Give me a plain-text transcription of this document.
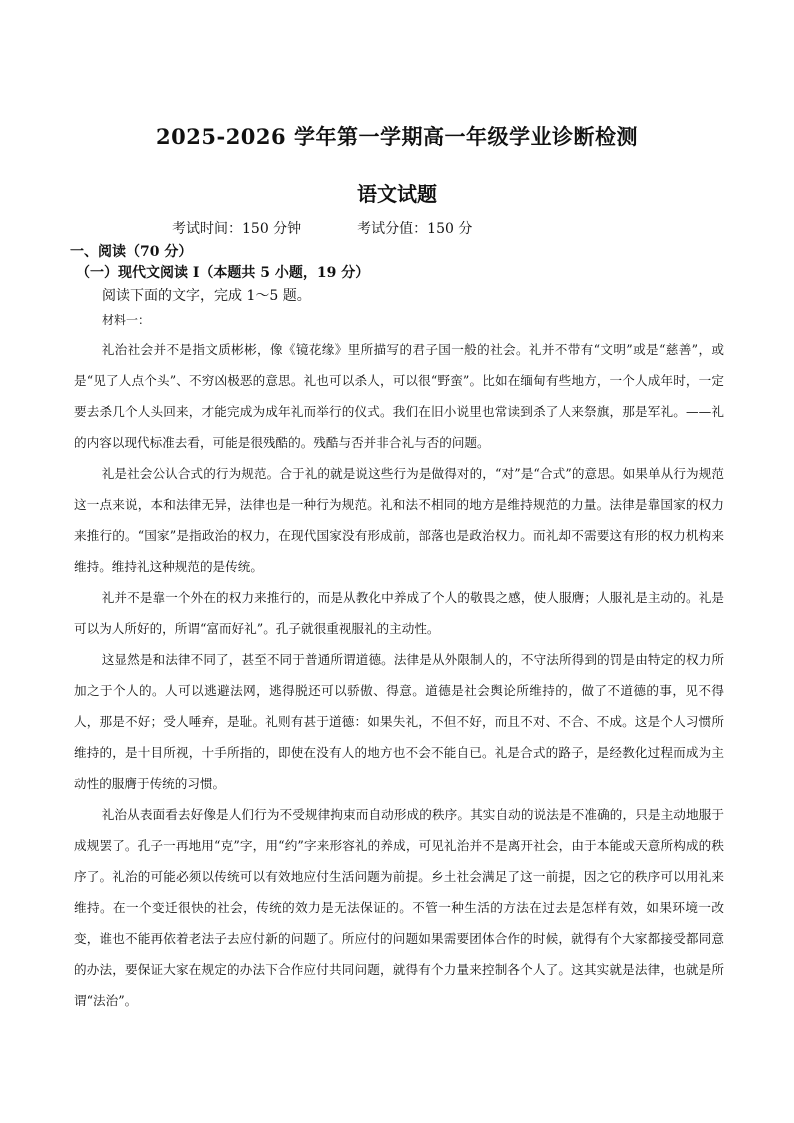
2025-2026 学年第一学期高一年级学业诊断检测
语文试题
考试时间：150 分钟	考试分值：150 分
一、阅读（70 分）
（一）现代文阅读 I（本题共 5 小题，19 分）
阅读下面的文字，完成 1～5 题。
材料一：

礼治社会并不是指文质彬彬，像《镜花缘》里所描写的君子国一般的社会。礼并不带有“文明”或是“慈善”，或是“见了人点个头”、不穷凶极恶的意思。礼也可以杀人，可以很“野蛮”。比如在缅甸有些地方，一个人成年时，一定要去杀几个人头回来，才能完成为成年礼而举行的仪式。我们在旧小说里也常读到杀了人来祭旗，那是军礼。——礼的内容以现代标准去看，可能是很残酷的。残酷与否并非合礼与否的问题。

礼是社会公认合式的行为规范。合于礼的就是说这些行为是做得对的，“对”是“合式”的意思。如果单从行为规范这一点来说，本和法律无异，法律也是一种行为规范。礼和法不相同的地方是维持规范的力量。法律是靠国家的权力来推行的。“国家”是指政治的权力，在现代国家没有形成前，部落也是政治权力。而礼却不需要这有形的权力机构来维持。维持礼这种规范的是传统。

礼并不是靠一个外在的权力来推行的，而是从教化中养成了个人的敬畏之感，使人服膺；人服礼是主动的。礼是可以为人所好的，所谓“富而好礼”。孔子就很重视服礼的主动性。

这显然是和法律不同了，甚至不同于普通所谓道德。法律是从外限制人的，不守法所得到的罚是由特定的权力所加之于个人的。人可以逃避法网，逃得脱还可以骄傲、得意。道德是社会舆论所维持的，做了不道德的事，见不得人，那是不好；受人唾弃，是耻。礼则有甚于道德：如果失礼，不但不好，而且不对、不合、不成。这是个人习惯所维持的，是十目所视，十手所指的，即使在没有人的地方也不会不能自已。礼是合式的路子，是经教化过程而成为主动性的服膺于传统的习惯。

礼治从表面看去好像是人们行为不受规律拘束而自动形成的秩序。其实自动的说法是不准确的，只是主动地服于成规罢了。孔子一再地用“克”字，用“约”字来形容礼的养成，可见礼治并不是离开社会，由于本能或天意所构成的秩序了。礼治的可能必须以传统可以有效地应付生活问题为前提。乡土社会满足了这一前提，因之它的秩序可以用礼来维持。在一个变迁很快的社会，传统的效力是无法保证的。不管一种生活的方法在过去是怎样有效，如果环境一改变，谁也不能再依着老法子去应付新的问题了。所应付的问题如果需要团体合作的时候，就得有个大家都接受都同意的办法，要保证大家在规定的办法下合作应付共同问题，就得有个力量来控制各个人了。这其实就是法律，也就是所谓“法治”。
